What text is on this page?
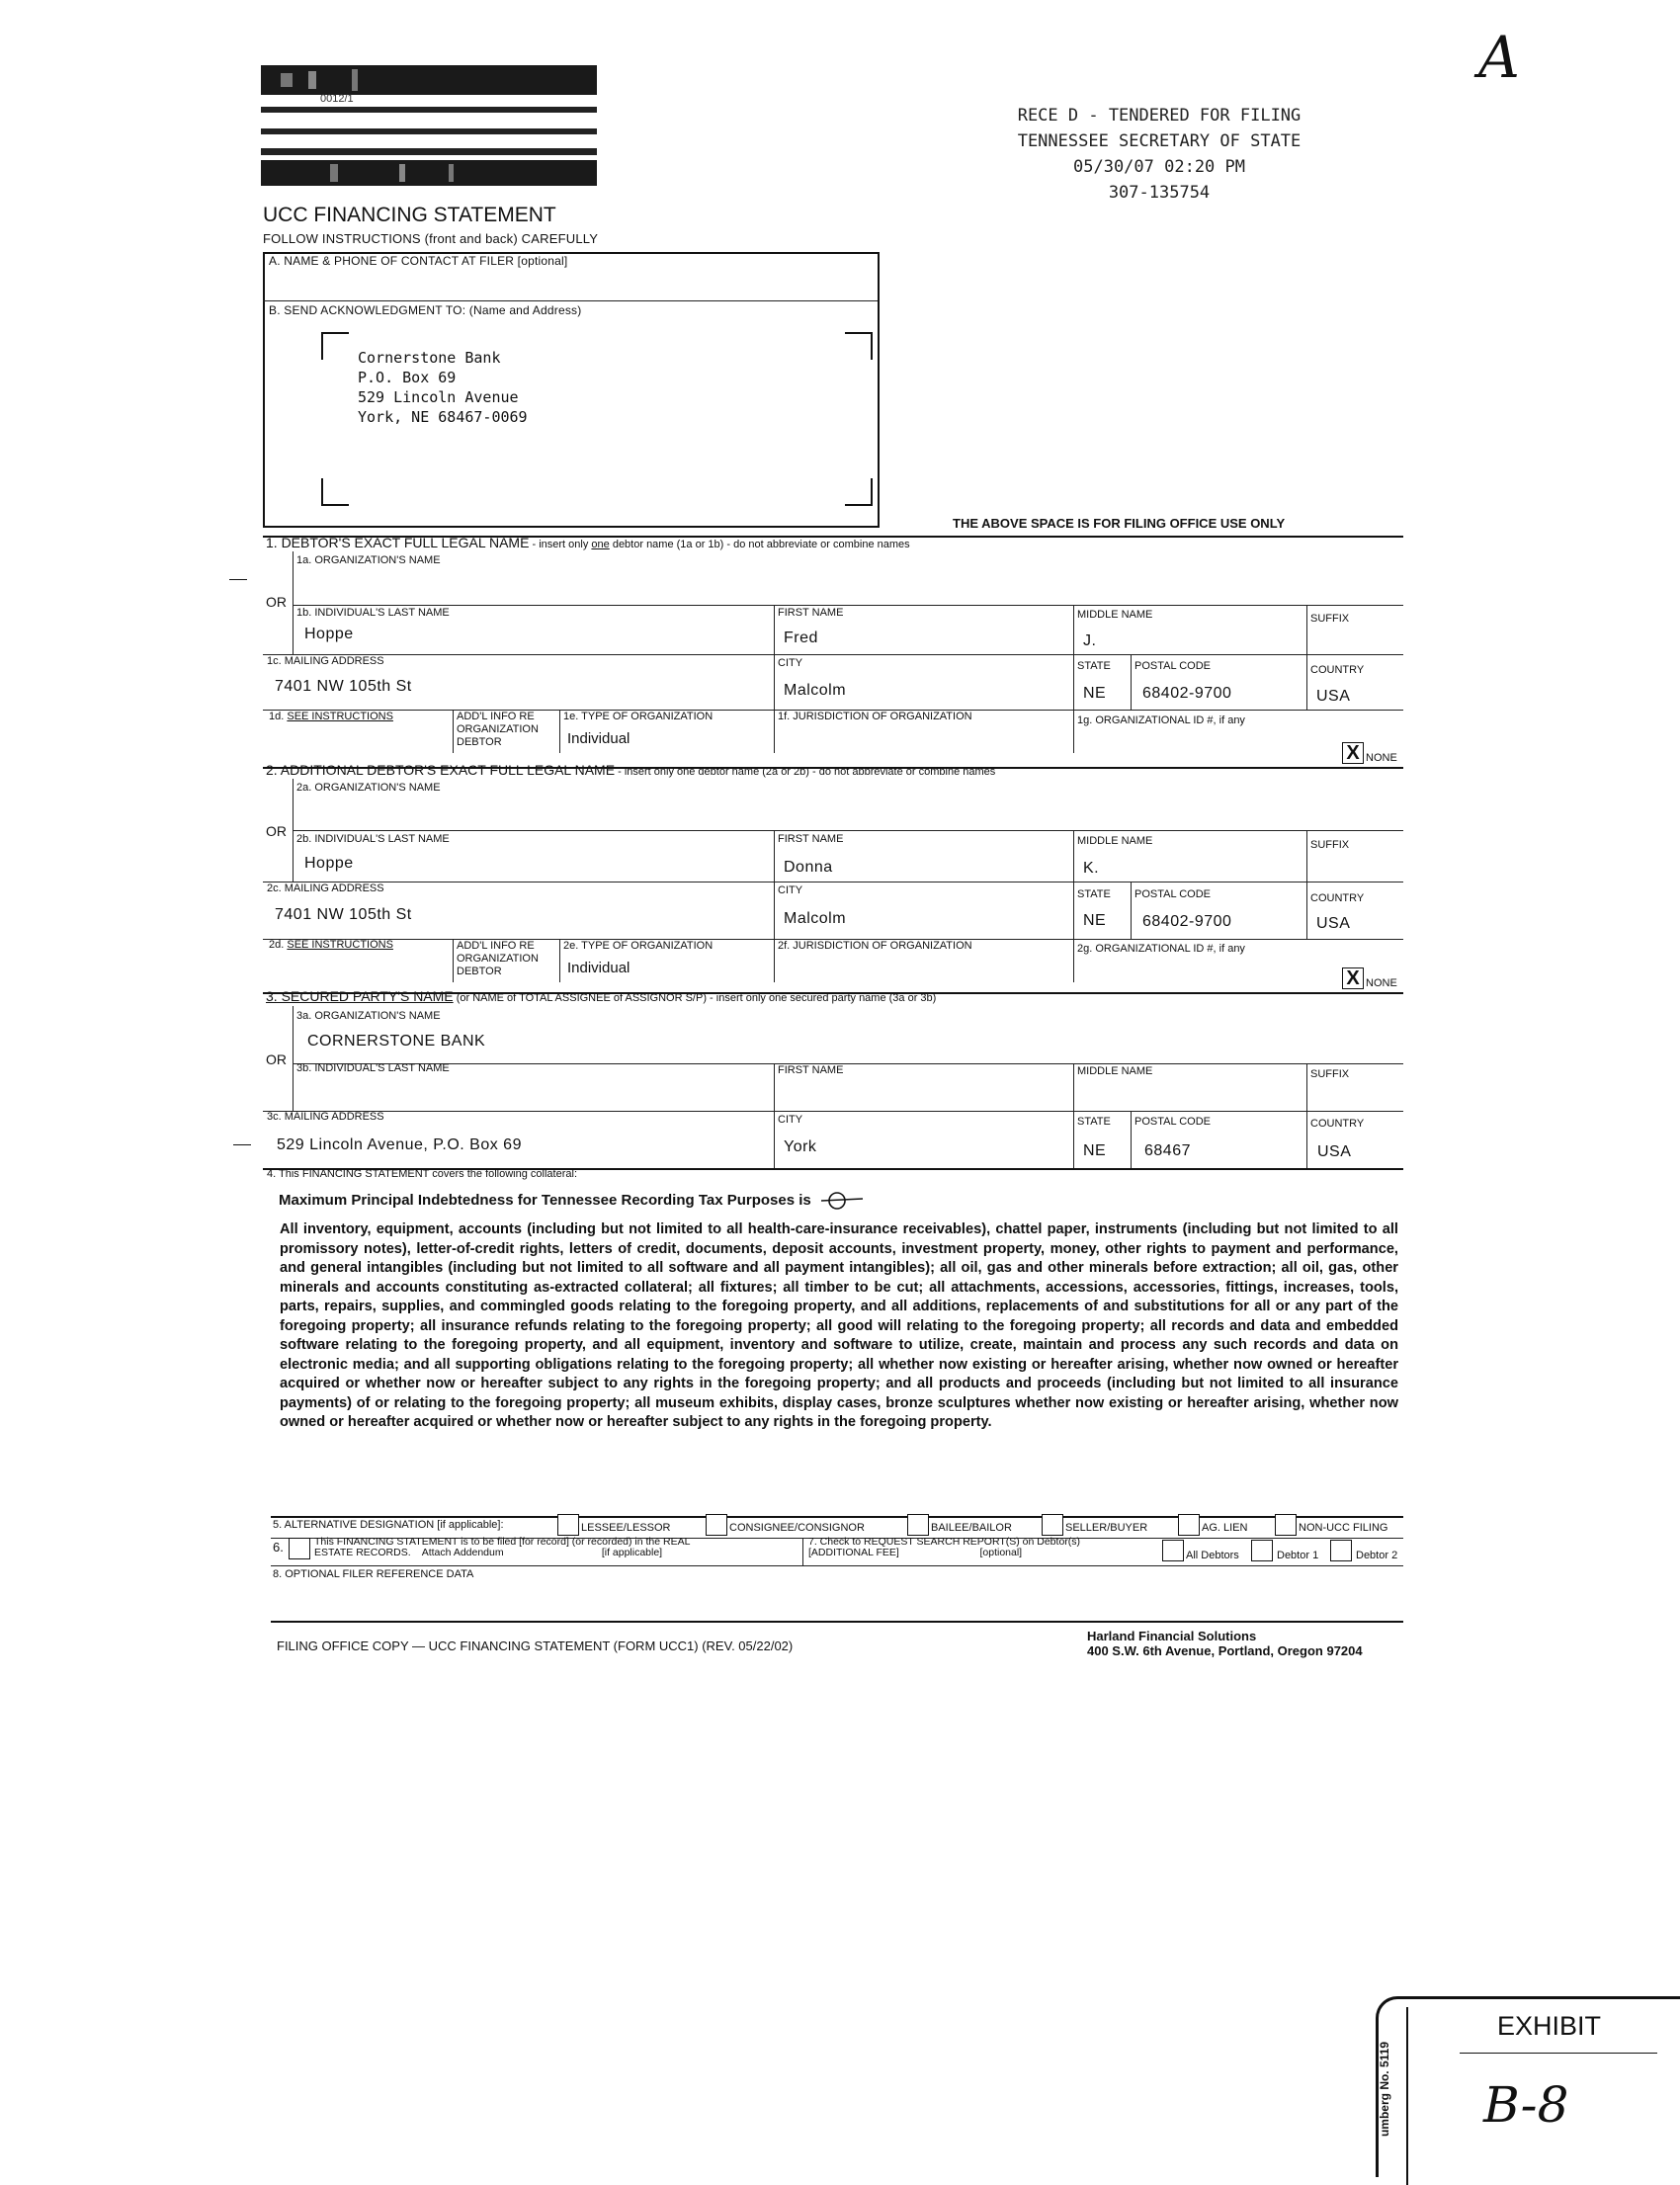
0012/1
A
RECE D - TENDERED FOR FILING
TENNESSEE SECRETARY OF STATE
05/30/07 02:20 PM
307-135754
UCC FINANCING STATEMENT
FOLLOW INSTRUCTIONS (front and back) CAREFULLY
A. NAME & PHONE OF CONTACT AT FILER [optional]
B. SEND ACKNOWLEDGMENT TO: (Name and Address)
Cornerstone Bank
P.O. Box 69
529 Lincoln Avenue
York, NE 68467-0069
THE ABOVE SPACE IS FOR FILING OFFICE USE ONLY
1. DEBTOR'S EXACT FULL LEGAL NAME - insert only one debtor name (1a or 1b) - do not abbreviate or combine names
1a. ORGANIZATION'S NAME
OR
1b. INDIVIDUAL'S LAST NAME
Hoppe
FIRST NAME
Fred
MIDDLE NAME
J.
SUFFIX
1c. MAILING ADDRESS
7401 NW 105th St
CITY
Malcolm
STATE
NE
POSTAL CODE
68402-9700
COUNTRY
USA
1d. SEE INSTRUCTIONS	ADD'L INFO RE
ORGANIZATION
DEBTOR
1e. TYPE OF ORGANIZATION
Individual
1f. JURISDICTION OF ORGANIZATION	1g. ORGANIZATIONAL ID #, if any
X NONE
2. ADDITIONAL DEBTOR'S EXACT FULL LEGAL NAME - insert only one debtor name (2a or 2b) - do not abbreviate or combine names
2a. ORGANIZATION'S NAME
OR 2b. INDIVIDUAL'S LAST NAME
Hoppe
FIRST NAME
Donna
MIDDLE NAME
K.
SUFFIX
2c. MAILING ADDRESS
7401 NW 105th St
CITY
Malcolm
STATE
NE
POSTAL CODE
68402-9700
COUNTRY
USA
2d. SEE INSTRUCTIONS	ADD'L INFO RE
ORGANIZATION
DEBTOR
2e. TYPE OF ORGANIZATION
Individual
2f. JURISDICTION OF ORGANIZATION	2g. ORGANIZATIONAL ID #, if any
X NONE
3. SECURED PARTY'S NAME (or NAME of TOTAL ASSIGNEE of ASSIGNOR S/P) - insert only one secured party name (3a or 3b)
3a. ORGANIZATION'S NAME
CORNERSTONE BANK
OR
3b. INDIVIDUAL'S LAST NAME	FIRST NAME	MIDDLE NAME	SUFFIX
3c. MAILING ADDRESS
529 Lincoln Avenue, P.O. Box 69
CITY
York
STATE
NE
POSTAL CODE
68467
COUNTRY
USA
4. This FINANCING STATEMENT covers the following collateral:
Maximum Principal Indebtedness for Tennessee Recording Tax Purposes is
All inventory, equipment, accounts (including but not limited to all health-care-insurance receivables), chattel paper, instruments (including but not limited to all promissory notes), letter-of-credit rights, letters of credit, documents, deposit accounts, investment property, money, other rights to payment and performance, and general intangibles (including but not limited to all software and all payment intangibles); all oil, gas and other minerals before extraction; all oil, gas, other minerals and accounts constituting as-extracted collateral; all fixtures; all timber to be cut; all attachments, accessions, accessories, fittings, increases, tools, parts, repairs, supplies, and commingled goods relating to the foregoing property, and all additions, replacements of and substitutions for all or any part of the foregoing property; all insurance refunds relating to the foregoing property; all good will relating to the foregoing property; all records and data and embedded software relating to the foregoing property, and all equipment, inventory and software to utilize, create, maintain and process any such records and data on electronic media; and all supporting obligations relating to the foregoing property; all whether now existing or hereafter arising, whether now owned or hereafter acquired or whether now or hereafter subject to any rights in the foregoing property; and all products and proceeds (including but not limited to all insurance payments) of or relating to the foregoing property; all museum exhibits, display cases, bronze sculptures whether now existing or hereafter arising, whether now owned or hereafter acquired or whether now or hereafter subject to any rights in the foregoing property.
5. ALTERNATIVE DESIGNATION [if applicable]:	LESSEE/LESSOR	CONSIGNEE/CONSIGNOR	BAILEE/BAILOR	SELLER/BUYER	AG. LIEN	NON-UCC FILING
6.	This FINANCING STATEMENT is to be filed [for record] (or recorded) in the REAL
ESTATE RECORDS. Attach Addendum	[if applicable]
7. Check to REQUEST SEARCH REPORT(S) on Debtor(s)
[ADDITIONAL FEE]	[optional]	All Debtors	Debtor 1	Debtor 2
8. OPTIONAL FILER REFERENCE DATA
FILING OFFICE COPY — UCC FINANCING STATEMENT (FORM UCC1) (REV. 05/22/02)
Harland Financial Solutions
400 S.W. 6th Avenue, Portland, Oregon 97204
umberg No. 5119
EXHIBIT
B-8
